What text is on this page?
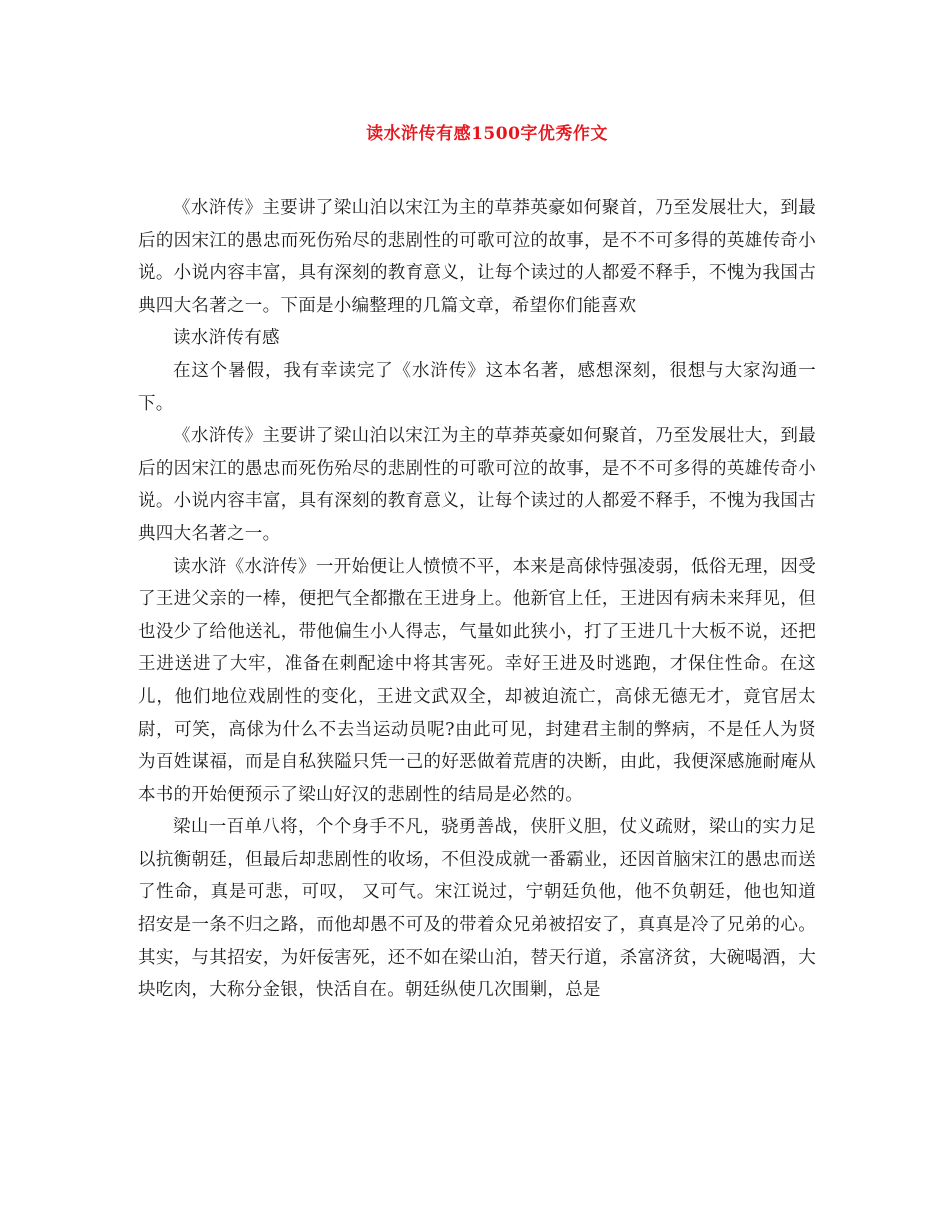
读水浒传有感1500字优秀作文

《水浒传》主要讲了梁山泊以宋江为主的草莽英豪如何聚首，乃至发展壮大，到最后的因宋江的愚忠而死伤殆尽的悲剧性的可歌可泣的故事，是不不可多得的英雄传奇小说。小说内容丰富，具有深刻的教育意义，让每个读过的人都爱不释手，不愧为我国古典四大名著之一。下面是小编整理的几篇文章，希望你们能喜欢

读水浒传有感

在这个暑假，我有幸读完了《水浒传》这本名著，感想深刻，很想与大家沟通一下。

《水浒传》主要讲了梁山泊以宋江为主的草莽英豪如何聚首，乃至发展壮大，到最后的因宋江的愚忠而死伤殆尽的悲剧性的可歌可泣的故事，是不不可多得的英雄传奇小说。小说内容丰富，具有深刻的教育意义，让每个读过的人都爱不释手，不愧为我国古典四大名著之一。

读水浒《水浒传》一开始便让人愤愤不平，本来是高俅恃强凌弱，低俗无理，因受了王进父亲的一棒，便把气全都撒在王进身上。他新官上任，王进因有病未来拜见，但也没少了给他送礼，带他偏生小人得志，气量如此狭小，打了王进几十大板不说，还把王进送进了大牢，准备在刺配途中将其害死。幸好王进及时逃跑，才保住性命。在这儿，他们地位戏剧性的变化，王进文武双全，却被迫流亡，高俅无德无才，竟官居太尉，可笑，高俅为什么不去当运动员呢?由此可见，封建君主制的弊病，不是任人为贤为百姓谋福，而是自私狭隘只凭一己的好恶做着荒唐的决断，由此，我便深感施耐庵从本书的开始便预示了梁山好汉的悲剧性的结局是必然的。

梁山一百单八将，个个身手不凡，骁勇善战，侠肝义胆，仗义疏财，梁山的实力足以抗衡朝廷，但最后却悲剧性的收场，不但没成就一番霸业，还因首脑宋江的愚忠而送了性命，真是可悲，可叹， 又可气。宋江说过，宁朝廷负他，他不负朝廷，他也知道招安是一条不归之路，而他却愚不可及的带着众兄弟被招安了，真真是冷了兄弟的心。其实，与其招安，为奸佞害死，还不如在梁山泊，替天行道，杀富济贫，大碗喝酒，大块吃肉，大称分金银，快活自在。朝廷纵使几次围剿，总是
